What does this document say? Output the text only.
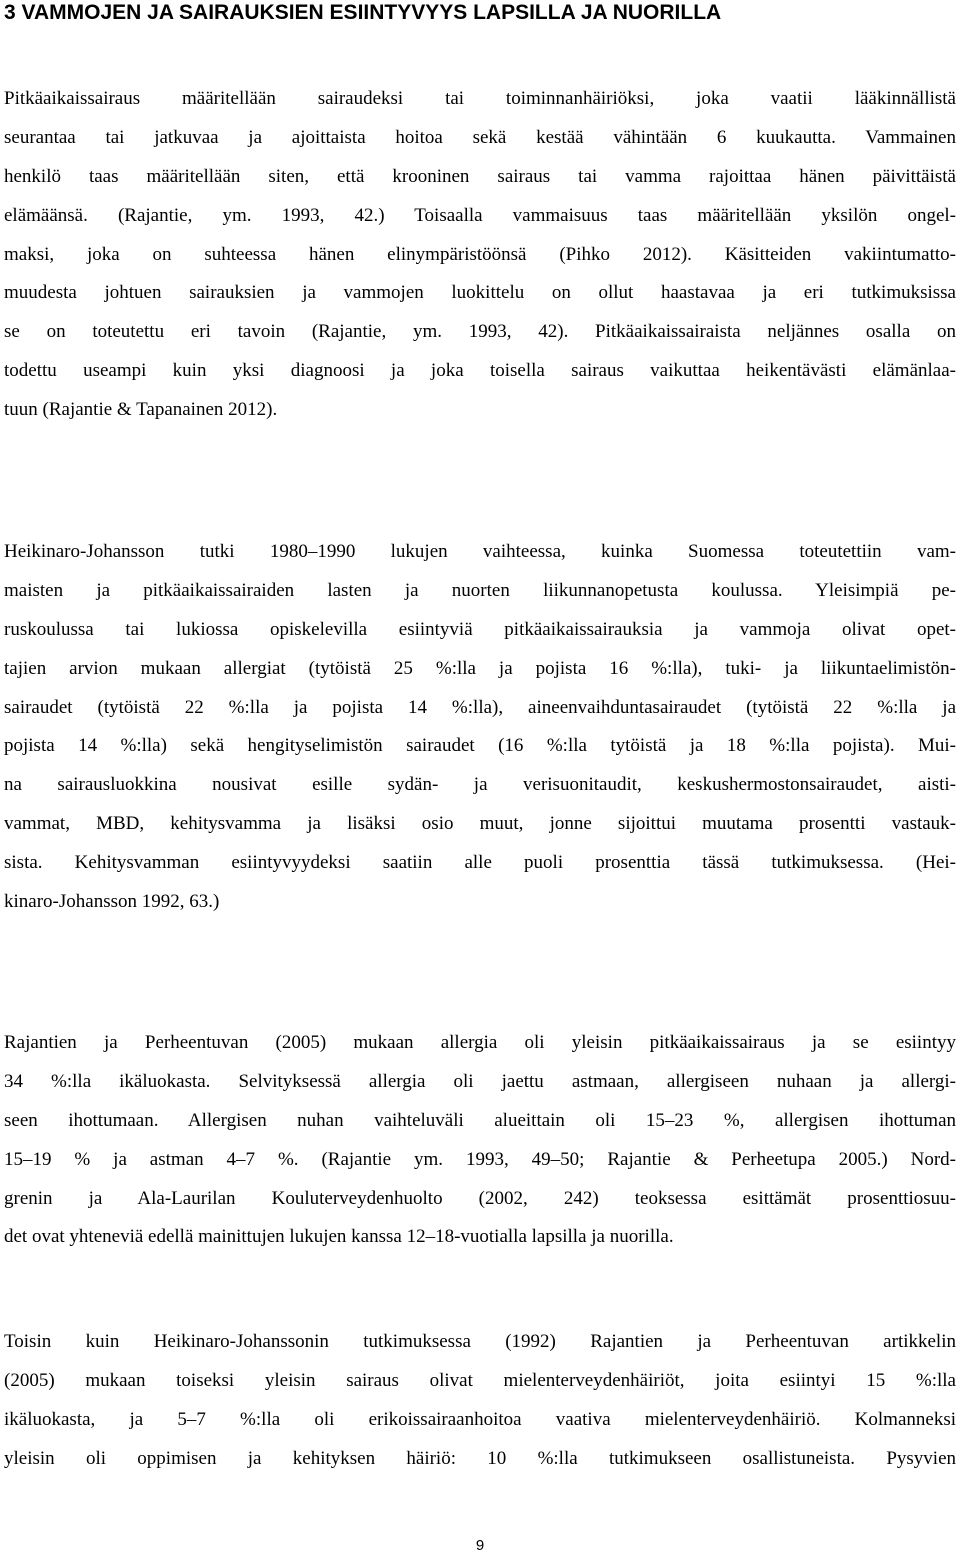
3 VAMMOJEN JA SAIRAUKSIEN ESIINTYVYYS LAPSILLA JA NUORILLA

Pitkäaikaissairaus määritellään sairaudeksi tai toiminnanhäiriöksi, joka vaatii lääkinnällistä
seurantaa tai jatkuvaa ja ajoittaista hoitoa sekä kestää vähintään 6 kuukautta. Vammainen
henkilö taas määritellään siten, että krooninen sairaus tai vamma rajoittaa hänen päivittäistä
elämäänsä. (Rajantie, ym. 1993, 42.) Toisaalla vammaisuus taas määritellään yksilön ongel-
maksi, joka on suhteessa hänen elinympäristöönsä (Pihko 2012). Käsitteiden vakiintumatto-
muudesta johtuen sairauksien ja vammojen luokittelu on ollut haastavaa ja eri tutkimuksissa
se on toteutettu eri tavoin (Rajantie, ym. 1993, 42). Pitkäaikaissairaista neljännes osalla on
todettu useampi kuin yksi diagnoosi ja joka toisella sairaus vaikuttaa heikentävästi elämänlaa-
tuun (Rajantie & Tapanainen 2012).

Heikinaro-Johansson tutki 1980–1990 lukujen vaihteessa, kuinka Suomessa toteutettiin vam-
maisten ja pitkäaikaissairaiden lasten ja nuorten liikunnanopetusta koulussa. Yleisimpiä pe-
ruskoulussa tai lukiossa opiskelevilla esiintyviä pitkäaikaissairauksia ja vammoja olivat opet-
tajien arvion mukaan allergiat (tytöistä 25 %:lla ja pojista 16 %:lla), tuki- ja liikuntaelimistön-
sairaudet (tytöistä 22 %:lla ja pojista 14 %:lla), aineenvaihduntasairaudet (tytöistä 22 %:lla ja
pojista 14 %:lla) sekä hengityselimistön sairaudet (16 %:lla tytöistä ja 18 %:lla pojista). Mui-
na sairausluokkina nousivat esille sydän- ja verisuonitaudit, keskushermostonsairaudet, aisti-
vammat, MBD, kehitysvamma ja lisäksi osio muut, jonne sijoittui muutama prosentti vastauk-
sista. Kehitysvamman esiintyvyydeksi saatiin alle puoli prosenttia tässä tutkimuksessa. (Hei-
kinaro-Johansson 1992, 63.)

Rajantien ja Perheentuvan (2005) mukaan allergia oli yleisin pitkäaikaissairaus ja se esiintyy
34 %:lla ikäluokasta. Selvityksessä allergia oli jaettu astmaan, allergiseen nuhaan ja allergi-
seen ihottumaan. Allergisen nuhan vaihteluväli alueittain oli 15–23 %, allergisen ihottuman
15–19 % ja astman 4–7 %. (Rajantie ym. 1993, 49–50; Rajantie & Perheetupa 2005.) Nord-
grenin ja Ala-Laurilan Kouluterveydenhuolto (2002, 242) teoksessa esittämät prosenttiosuu-
det ovat yhteneviä edellä mainittujen lukujen kanssa 12–18-vuotialla lapsilla ja nuorilla.

Toisin kuin Heikinaro-Johanssonin tutkimuksessa (1992) Rajantien ja Perheentuvan artikkelin
(2005) mukaan toiseksi yleisin sairaus olivat mielenterveydenhäiriöt, joita esiintyi 15 %:lla
ikäluokasta, ja 5–7 %:lla oli erikoissairaanhoitoa vaativa mielenterveydenhäiriö. Kolmanneksi
yleisin oli oppimisen ja kehityksen häiriö: 10 %:lla tutkimukseen osallistuneista. Pysyvien

9
